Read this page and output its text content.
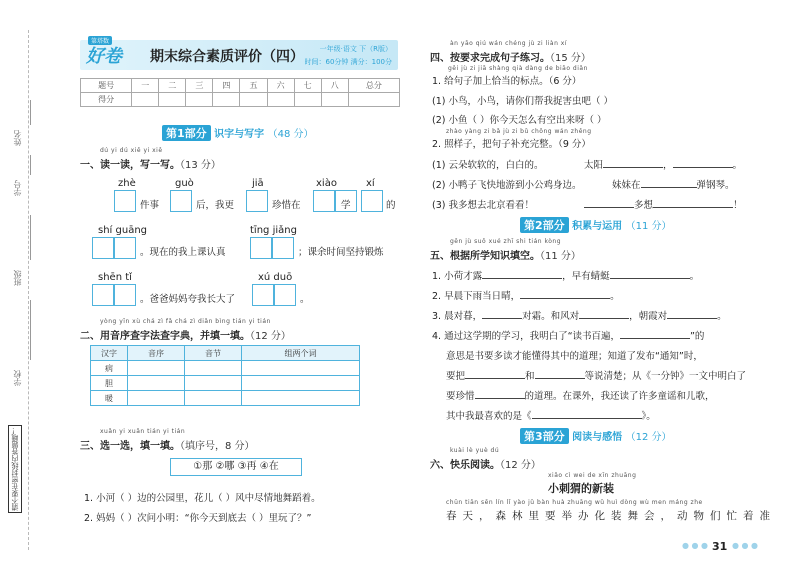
姓名
学号
班级
学校
请不要在密封线内答题哦！
第塔数
好卷 期末综合素质评价（四） 一年级·语文 下（R版）
时间：60分钟 满分：100分
题号	一	二	三	四	五	六	七	八	总分
得分									
第1部分 识字与写字 （48 分）
dú yi dú xiě yi xiě
一、读一读，写一写。（13 分）
zhè	guò	jiā	xiào	xí
件事	后，我更	珍惜在	学	的
shí guāng	tīng jiǎng
。现在的我上课认真	；课余时间坚持锻炼
shēn tǐ	xú duō
。爸爸妈妈夸我长大了	。
yòng yīn xù chá zì fǎ chá zì diǎn bìng tián yi tián
二、用音序查字法查字典，并填一填。（12 分）
汉字	音序	音节	组两个词
病			
胆			
暖			
xuǎn yi xuǎn tián yi tián
三、选一选，填一填。（填序号，8 分）
①那 ②哪 ③再 ④在
1. 小河（ ）边的公园里，花儿（ ）风中尽情地舞蹈着。
2. 妈妈（ ）次问小明：“你今天到底去（ ）里玩了？”
àn yāo qiú wán chéng jù zi liàn xí
四、按要求完成句子练习。（15 分）
gěi jù zi jiā shàng qià dàng de biāo diǎn
1. 给句子加上恰当的标点。（6 分）
(1) 小鸟，小鸟，请你们帮我捉害虫吧（ ）
(2) 小鱼（ ）你今天怎么有空出来呀（ ）
zhào yàng zi bǎ jù zi bǔ chōng wán zhěng
2. 照样子，把句子补充完整。（9 分）
(1) 云朵软软的，白白的。	太阳	，	。
(2) 小鸭子飞快地游到小公鸡身边。	妹妹在	弹钢琴。
(3) 我多想去北京看看！	多想	！
第2部分 积累与运用 （11 分）
gēn jù suǒ xué zhī shi tián kòng
五、根据所学知识填空。（11 分）
1. 小荷才露	，早有蜻蜓	。
2. 早晨下雨当日晴，	。
3. 晨对暮，	对霜。和风对	，朝霞对	。
4. 通过这学期的学习，我明白了“读书百遍，	”的
意思是书要多读才能懂得其中的道理；知道了发布“通知”时，
要把	和	等说清楚；从《一分钟》一文中明白了
要珍惜	的道理。在课外，我还读了许多童谣和儿歌，
其中我最喜欢的是《	》。
第3部分 阅读与感悟 （12 分）
kuài lè yuè dú
六、快乐阅读。（12 分）
xiǎo cì wei de xīn zhuāng
小刺猬的新装
chūn tiān sēn lín lǐ yào jǔ bàn huà zhuāng wǔ huì dòng wù men máng zhe
春天，森林里要举办化装舞会，动物们忙着准
● ● ● 31 ● ● ●
